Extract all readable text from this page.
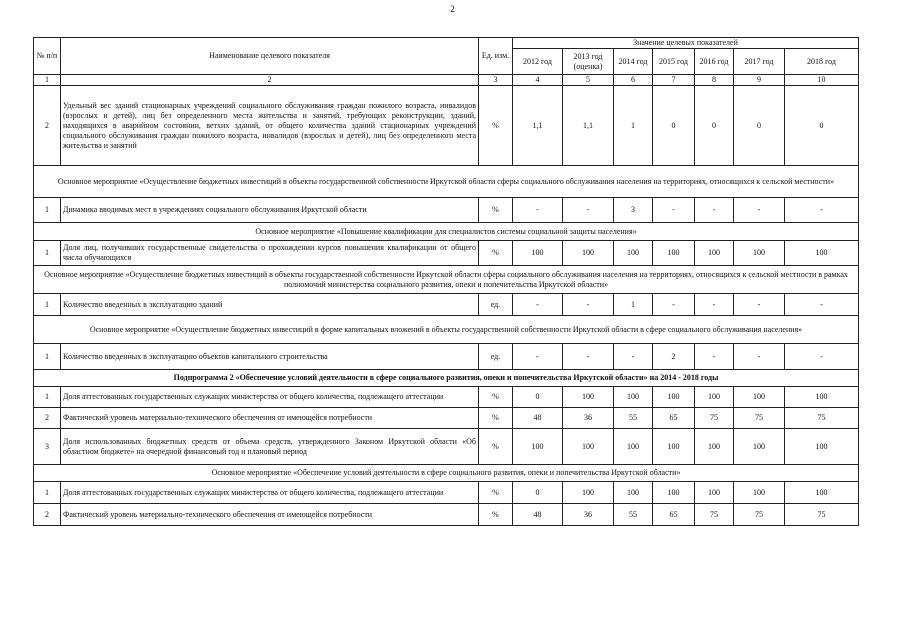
2
№ п/п	Наименование целевого показателя	Ед. изм.	Значение целевых показателей						
			2012 год	2013 год (оценка)	2014 год	2015 год	2016 год	2017 год	2018 год
1	2	3	4	5	6	7	8	9	10
2	Удельный вес зданий стационарных учреждений социального обслуживания граждан пожилого возраста, инвалидов (взрослых и детей), лиц без определенного места жительства и занятий, требующих реконструкции, зданий, находящихся в аварийном состоянии, ветхих зданий, от общего количества зданий стационарных учреждений социального обслуживания граждан пожилого возраста, инвалидов (взрослых и детей), лиц без определенного места жительства и занятий	%	1,1	1,1	1	0	0	0	0
Основное мероприятие «Осуществление бюджетных инвестиций в объекты государственной собственности Иркутской области сферы социального обслуживания населения на территориях, относящихся к сельской местности»									
1	Динамика вводимых мест в учреждениях социального обслуживания Иркутской области	%	-	-	3	-	-	-	-
Основное мероприятие «Повышение квалификации для специалистов системы социальной защиты населения»									
1	Доля лиц, получивших государственные свидетельства о прохождении курсов повышения квалификации от общего числа обучающихся	%	100	100	100	100	100	100	100
Основное мероприятие «Осуществление бюджетных инвестиций в объекты государственной собственности Иркутской области сферы социального обслуживания населения на территориях, относящихся к сельской местности в рамках полномочий министерства социального развития, опеки и попечительства Иркутской области»									
1	Количество введенных в эксплуатацию зданий	ед.	-	-	1	-	-	-	-
Основное мероприятие «Осуществление бюджетных инвестиций в форме капитальных вложений в объекты государственной собственности Иркутской области в сфере социального обслуживания населения»									
1	Количество введенных в эксплуатацию объектов капитального строительства	ед.	-	-	-	2	-	-	-
Подпрограмма 2 «Обеспечение условий деятельности в сфере социального развития, опеки и попечительства Иркутской области» на 2014 - 2018 годы									
1	Доля аттестованных государственных служащих министерства от общего количества, подлежащего аттестации	%	0	100	100	100	100	100	100
2	Фактический уровень материально-технического обеспечения от имеющейся потребности	%	48	36	55	65	75	75	75
3	Доля использованных бюджетных средств от объема средств, утвержденного Законом Иркутской области «Об областном бюджете» на очередной финансовый год и плановый период	%	100	100	100	100	100	100	100
Основное мероприятие «Обеспечение условий деятельности в сфере социального развития, опеки и попечительства Иркутской области»									
1	Доля аттестованных государственных служащих министерства от общего количества, подлежащего аттестации	%	0	100	100	100	100	100	100
2	Фактический уровень материально-технического обеспечения от имеющейся потребности	%	48	36	55	65	75	75	75
